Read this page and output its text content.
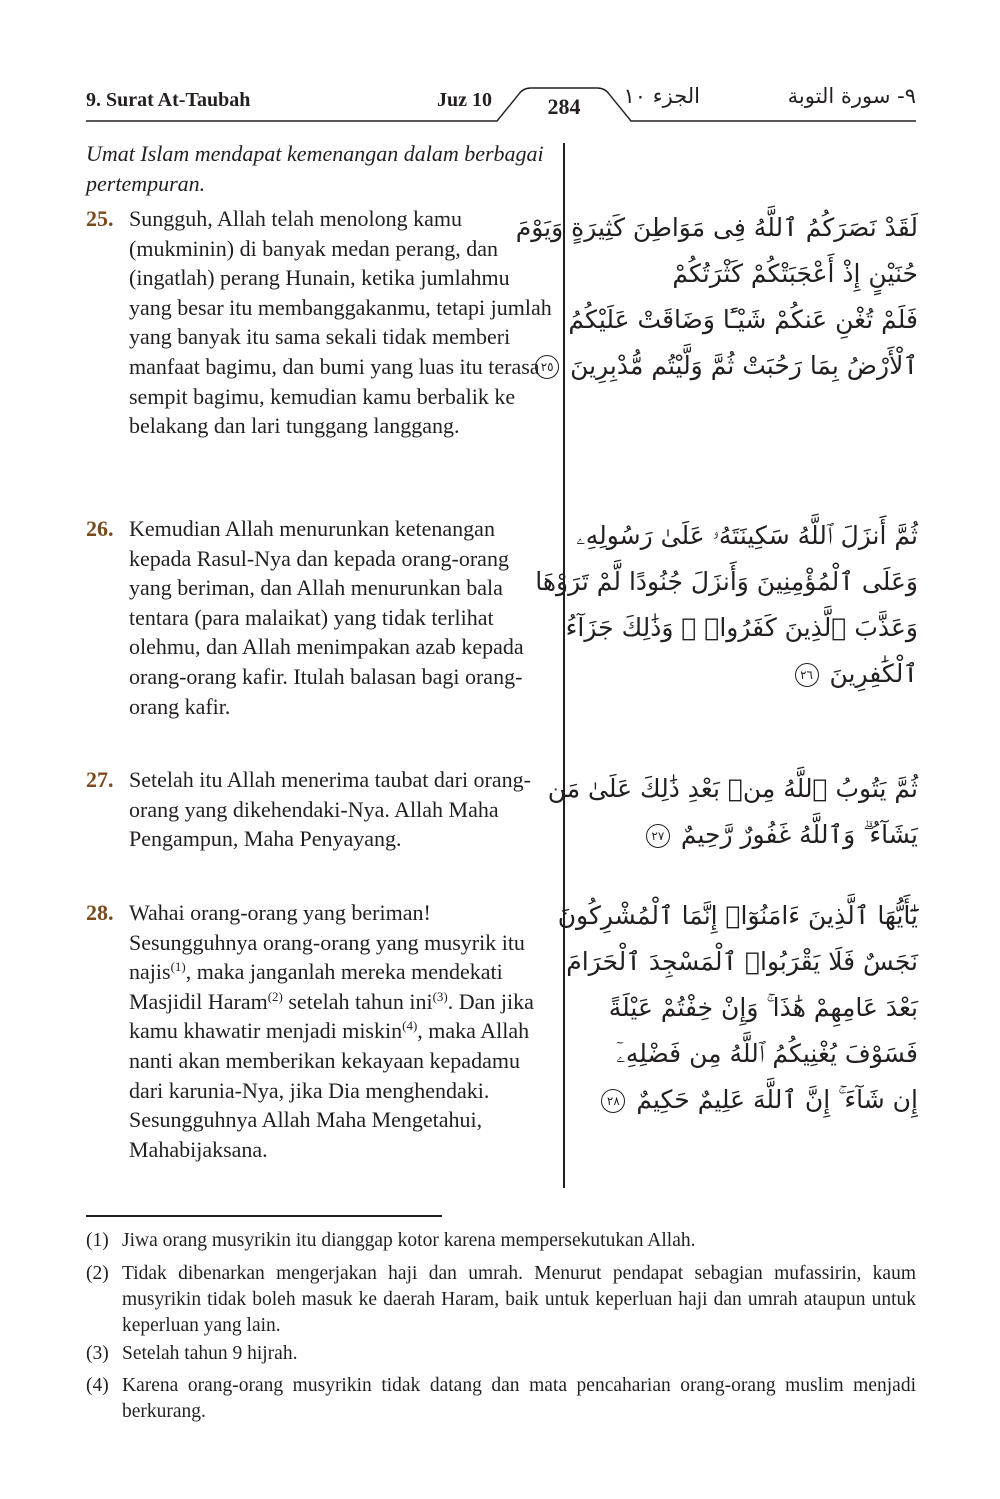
9. Surat At-Taubah	Juz 10	284	الجزء ١٠	٩- سورة التوبة
Umat Islam mendapat kemenangan dalam berbagai pertempuran.
25. Sungguh, Allah telah menolong kamu (mukminin) di banyak medan perang, dan (ingatlah) perang Hunain, ketika jumlahmu yang besar itu membanggakanmu, tetapi jumlah yang banyak itu sama sekali tidak memberi manfaat bagimu, dan bumi yang luas itu terasa sempit bagimu, kemudian kamu berbalik ke belakang dan lari tunggang langgang.
26. Kemudian Allah menurunkan ketenangan kepada Rasul-Nya dan kepada orang-orang yang beriman, dan Allah menurunkan bala tentara (para malaikat) yang tidak terlihat olehmu, dan Allah menimpakan azab kepada orang-orang kafir. Itulah balasan bagi orang-orang kafir.
27. Setelah itu Allah menerima taubat dari orang-orang yang dikehendaki-Nya. Allah Maha Pengampun, Maha Penyayang.
28. Wahai orang-orang yang beriman! Sesungguhnya orang-orang yang musyrik itu najis$^{(1)}$, maka janganlah mereka mendekati Masjidil Haram$^{(2)}$ setelah tahun ini$^{(3)}$. Dan jika kamu khawatir menjadi miskin$^{(4)}$, maka Allah nanti akan memberikan kekayaan kepadamu dari karunia-Nya, jika Dia menghendaki. Sesungguhnya Allah Maha Mengetahui, Mahabijaksana.
لَقَدْ نَصَرَكُمُ ٱللَّهُ فِى مَوَاطِنَ كَثِيرَةٍ وَيَوْمَ
حُنَيْنٍ إِذْ أَعْجَبَتْكُمْ كَثْرَتُكُمْ
فَلَمْ تُغْنِ عَنكُمْ شَيْـًٔا وَضَاقَتْ عَلَيْكُمُ
ٱلْأَرْضُ بِمَا رَحُبَتْ ثُمَّ وَلَّيْتُم مُّدْبِرِينَ ٢٥
ثُمَّ أَنزَلَ ٱللَّهُ سَكِينَتَهُۥ عَلَىٰ رَسُولِهِۦ
وَعَلَى ٱلْمُؤْمِنِينَ وَأَنزَلَ جُنُودًا لَّمْ تَرَوْهَا
وَعَذَّبَ ٱلَّذِينَ كَفَرُوا۟ ۚ وَذَٰلِكَ جَزَآءُ
ٱلْكَٰفِرِينَ ٢٦
ثُمَّ يَتُوبُ ٱللَّهُ مِنۢ بَعْدِ ذَٰلِكَ عَلَىٰ مَن
يَشَآءُ ۗ وَٱللَّهُ غَفُورٌ رَّحِيمٌ ٢٧
يَٰٓأَيُّهَا ٱلَّذِينَ ءَامَنُوٓا۟ إِنَّمَا ٱلْمُشْرِكُونَ
نَجَسٌ فَلَا يَقْرَبُوا۟ ٱلْمَسْجِدَ ٱلْحَرَامَ
بَعْدَ عَامِهِمْ هَٰذَا ۚ وَإِنْ خِفْتُمْ عَيْلَةً
فَسَوْفَ يُغْنِيكُمُ ٱللَّهُ مِن فَضْلِهِۦٓ
إِن شَآءَ ۚ إِنَّ ٱللَّهَ عَلِيمٌ حَكِيمٌ ٢٨
(1) Jiwa orang musyrikin itu dianggap kotor karena mempersekutukan Allah.
(2) Tidak dibenarkan mengerjakan haji dan umrah. Menurut pendapat sebagian mufassirin, kaum musyrikin tidak boleh masuk ke daerah Haram, baik untuk keperluan haji dan umrah ataupun untuk keperluan yang lain.
(3) Setelah tahun 9 hijrah.
(4) Karena orang-orang musyrikin tidak datang dan mata pencaharian orang-orang muslim menjadi berkurang.
